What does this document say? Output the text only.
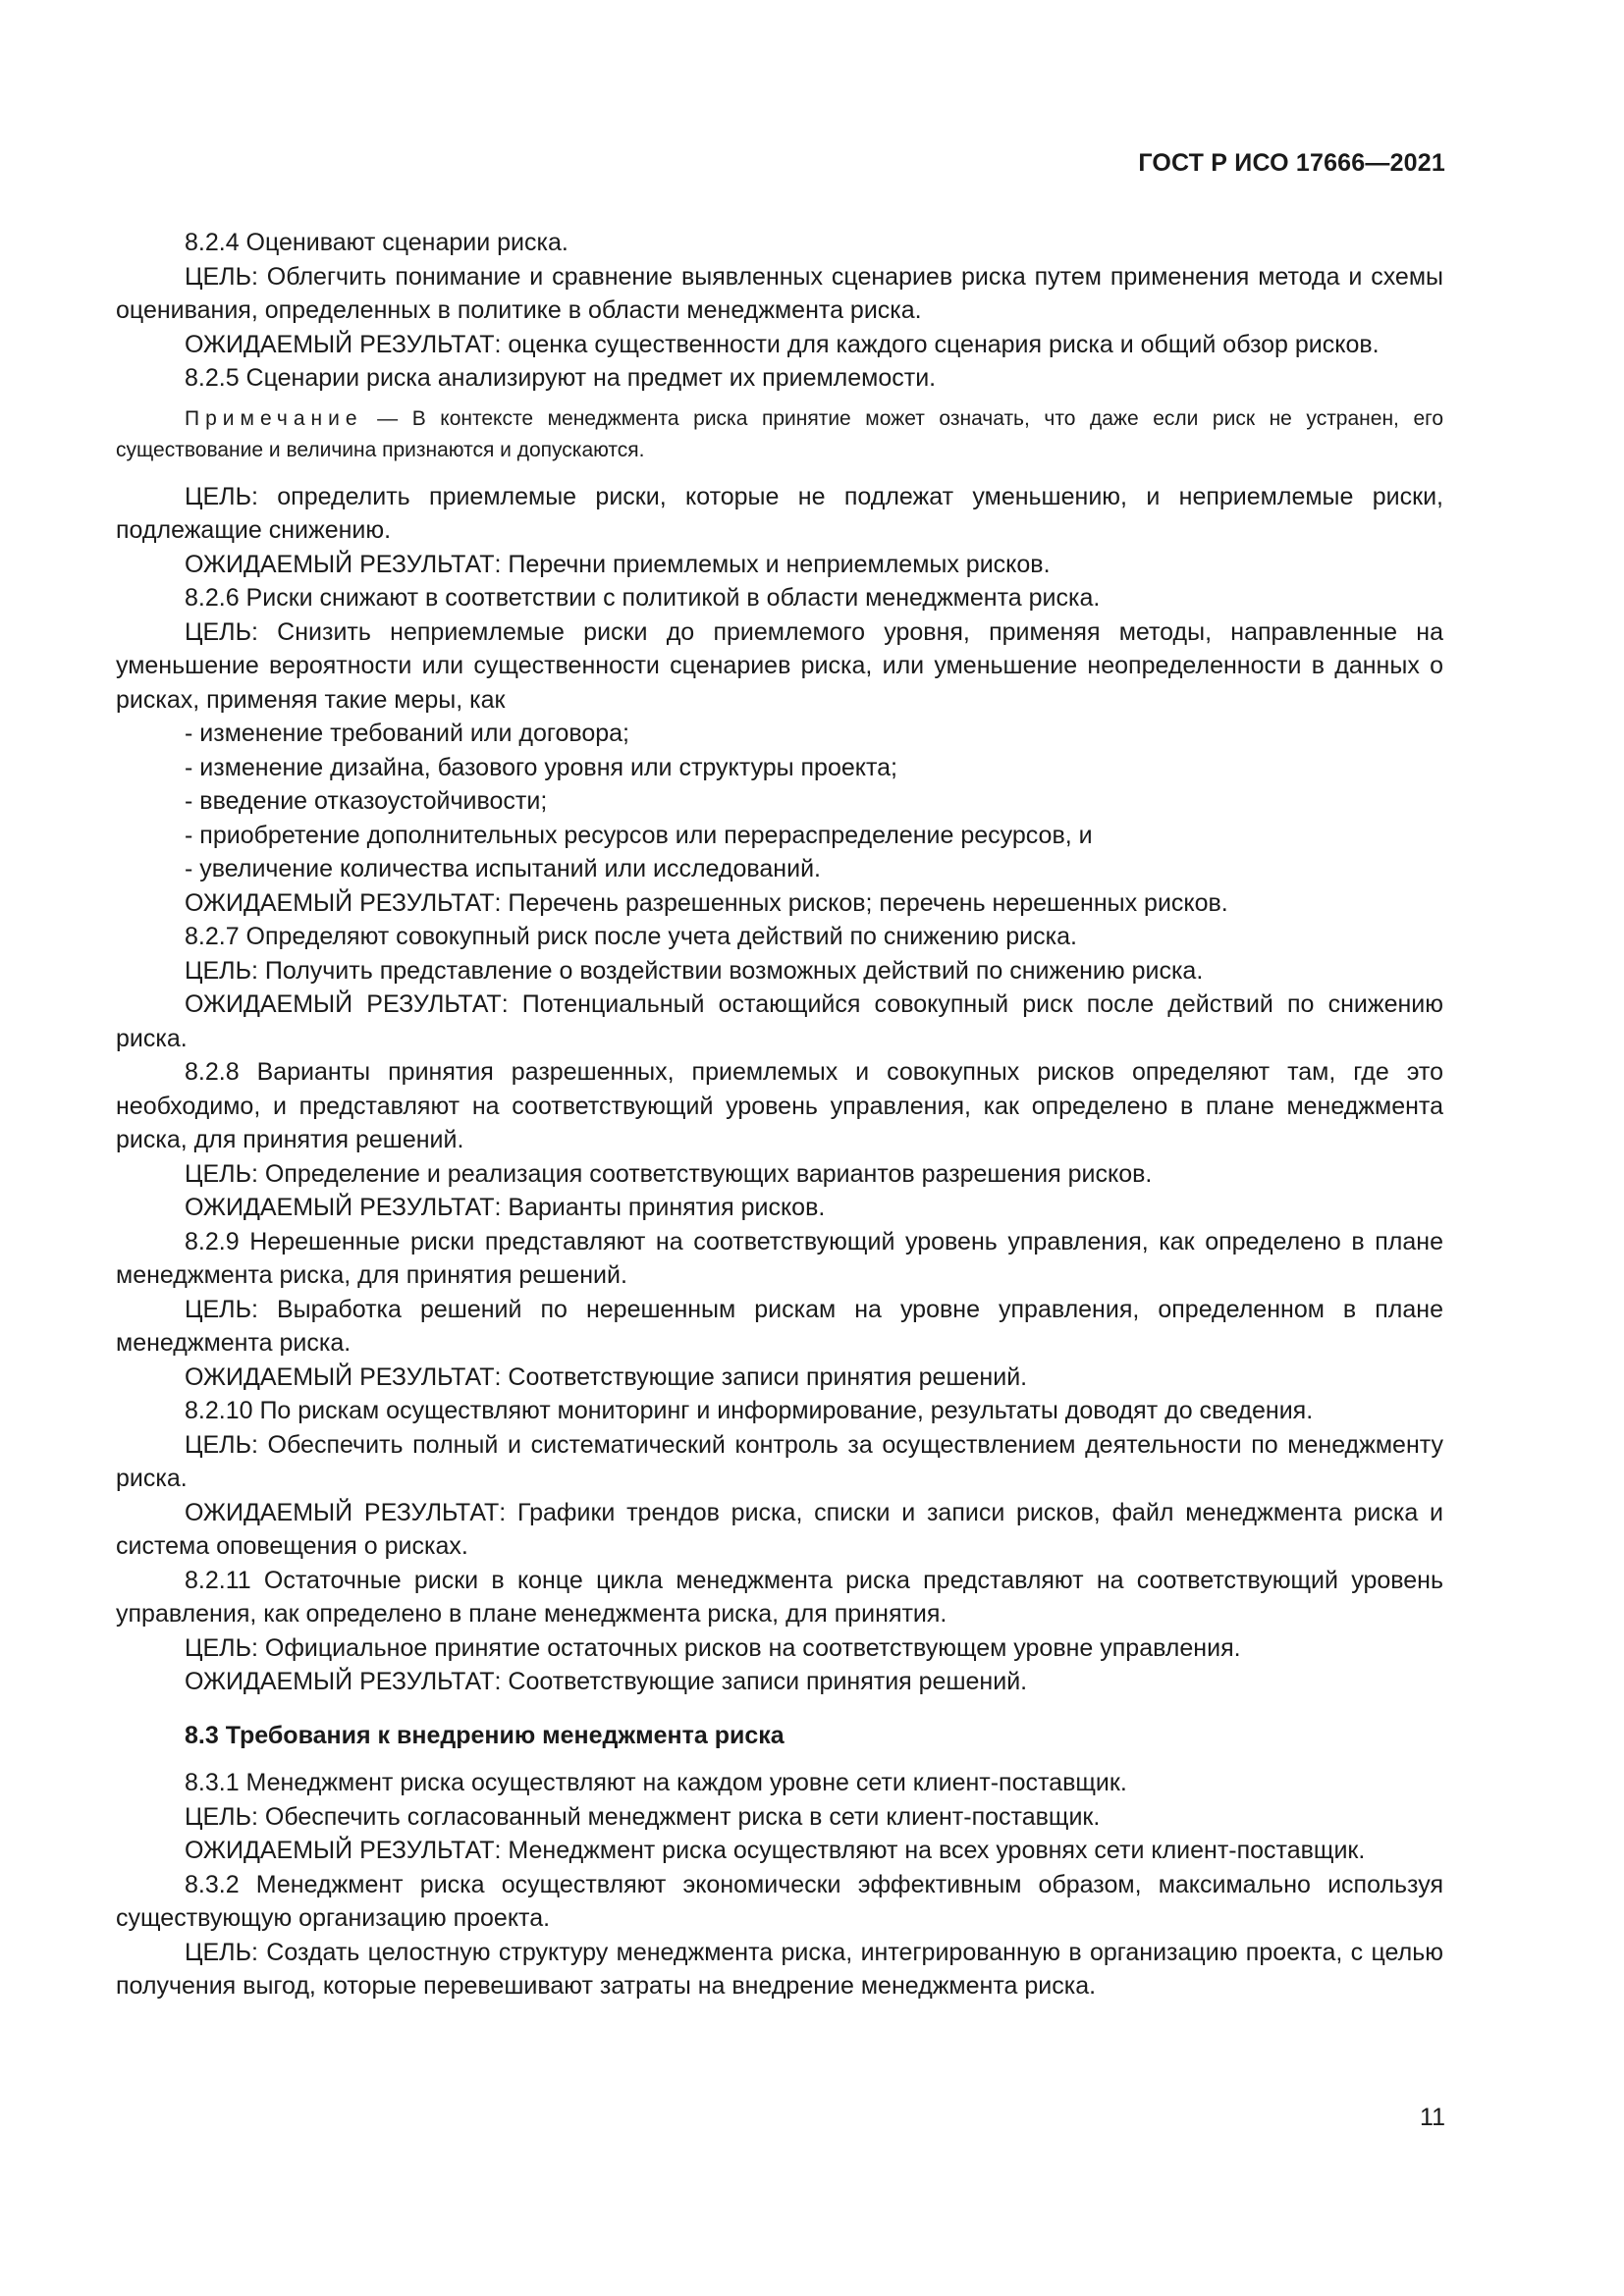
ГОСТ Р ИСО 17666—2021

8.2.4 Оценивают сценарии риска.

ЦЕЛЬ: Облегчить понимание и сравнение выявленных сценариев риска путем применения метода и схемы оценивания, определенных в политике в области менеджмента риска.

ОЖИДАЕМЫЙ РЕЗУЛЬТАТ: оценка существенности для каждого сценария риска и общий обзор рисков.

8.2.5 Сценарии риска анализируют на предмет их приемлемости.

Примечание — В контексте менеджмента риска принятие может означать, что даже если риск не устранен, его существование и величина признаются и допускаются.

ЦЕЛЬ: определить приемлемые риски, которые не подлежат уменьшению, и неприемлемые риски, подлежащие снижению.

ОЖИДАЕМЫЙ РЕЗУЛЬТАТ: Перечни приемлемых и неприемлемых рисков.

8.2.6 Риски снижают в соответствии с политикой в области менеджмента риска.

ЦЕЛЬ: Снизить неприемлемые риски до приемлемого уровня, применяя методы, направленные на уменьшение вероятности или существенности сценариев риска, или уменьшение неопределенности в данных о рисках, применяя такие меры, как

- изменение требований или договора;
- изменение дизайна, базового уровня или структуры проекта;
- введение отказоустойчивости;
- приобретение дополнительных ресурсов или перераспределение ресурсов, и
- увеличение количества испытаний или исследований.

ОЖИДАЕМЫЙ РЕЗУЛЬТАТ: Перечень разрешенных рисков; перечень нерешенных рисков.

8.2.7 Определяют совокупный риск после учета действий по снижению риска.

ЦЕЛЬ: Получить представление о воздействии возможных действий по снижению риска.

ОЖИДАЕМЫЙ РЕЗУЛЬТАТ: Потенциальный остающийся совокупный риск после действий по снижению риска.

8.2.8 Варианты принятия разрешенных, приемлемых и совокупных рисков определяют там, где это необходимо, и представляют на соответствующий уровень управления, как определено в плане менеджмента риска, для принятия решений.

ЦЕЛЬ: Определение и реализация соответствующих вариантов разрешения рисков.

ОЖИДАЕМЫЙ РЕЗУЛЬТАТ: Варианты принятия рисков.

8.2.9 Нерешенные риски представляют на соответствующий уровень управления, как определено в плане менеджмента риска, для принятия решений.

ЦЕЛЬ: Выработка решений по нерешенным рискам на уровне управления, определенном в плане менеджмента риска.

ОЖИДАЕМЫЙ РЕЗУЛЬТАТ: Соответствующие записи принятия решений.

8.2.10 По рискам осуществляют мониторинг и информирование, результаты доводят до сведения.

ЦЕЛЬ: Обеспечить полный и систематический контроль за осуществлением деятельности по менеджменту риска.

ОЖИДАЕМЫЙ РЕЗУЛЬТАТ: Графики трендов риска, списки и записи рисков, файл менеджмента риска и система оповещения о рисках.

8.2.11 Остаточные риски в конце цикла менеджмента риска представляют на соответствующий уровень управления, как определено в плане менеджмента риска, для принятия.

ЦЕЛЬ: Официальное принятие остаточных рисков на соответствующем уровне управления.

ОЖИДАЕМЫЙ РЕЗУЛЬТАТ: Соответствующие записи принятия решений.

8.3 Требования к внедрению менеджмента риска

8.3.1 Менеджмент риска осуществляют на каждом уровне сети клиент-поставщик.

ЦЕЛЬ: Обеспечить согласованный менеджмент риска в сети клиент-поставщик.

ОЖИДАЕМЫЙ РЕЗУЛЬТАТ: Менеджмент риска осуществляют на всех уровнях сети клиент-поставщик.

8.3.2 Менеджмент риска осуществляют экономически эффективным образом, максимально используя существующую организацию проекта.

ЦЕЛЬ: Создать целостную структуру менеджмента риска, интегрированную в организацию проекта, с целью получения выгод, которые перевешивают затраты на внедрение менеджмента риска.

11
